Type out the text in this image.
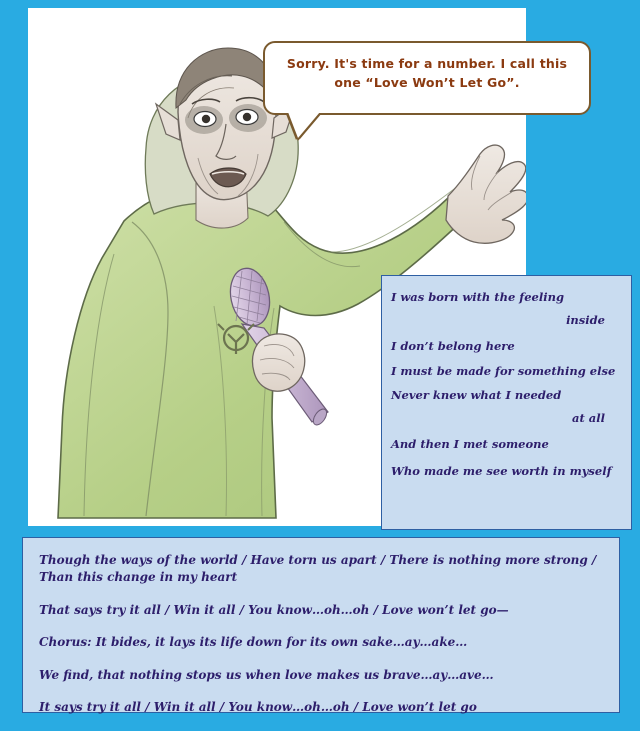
Sorry. It's time for a number. I call this
one “Love Won’t Let Go”.
I was born with the feeling
inside
I don’t belong here
I must be made for something else
Never knew what I needed
at all
And then I met someone
Who made me see worth in myself
Though the ways of the world / Have torn us apart / There is nothing more strong / Than this change in my heart
That says try it all / Win it all / You know…oh…oh / Love won’t let go—
Chorus: It bides, it lays its life down for its own sake…ay…ake…
We find, that nothing stops us when love makes us brave…ay…ave…
It says try it all / Win it all / You know…oh…oh / Love won’t let go
